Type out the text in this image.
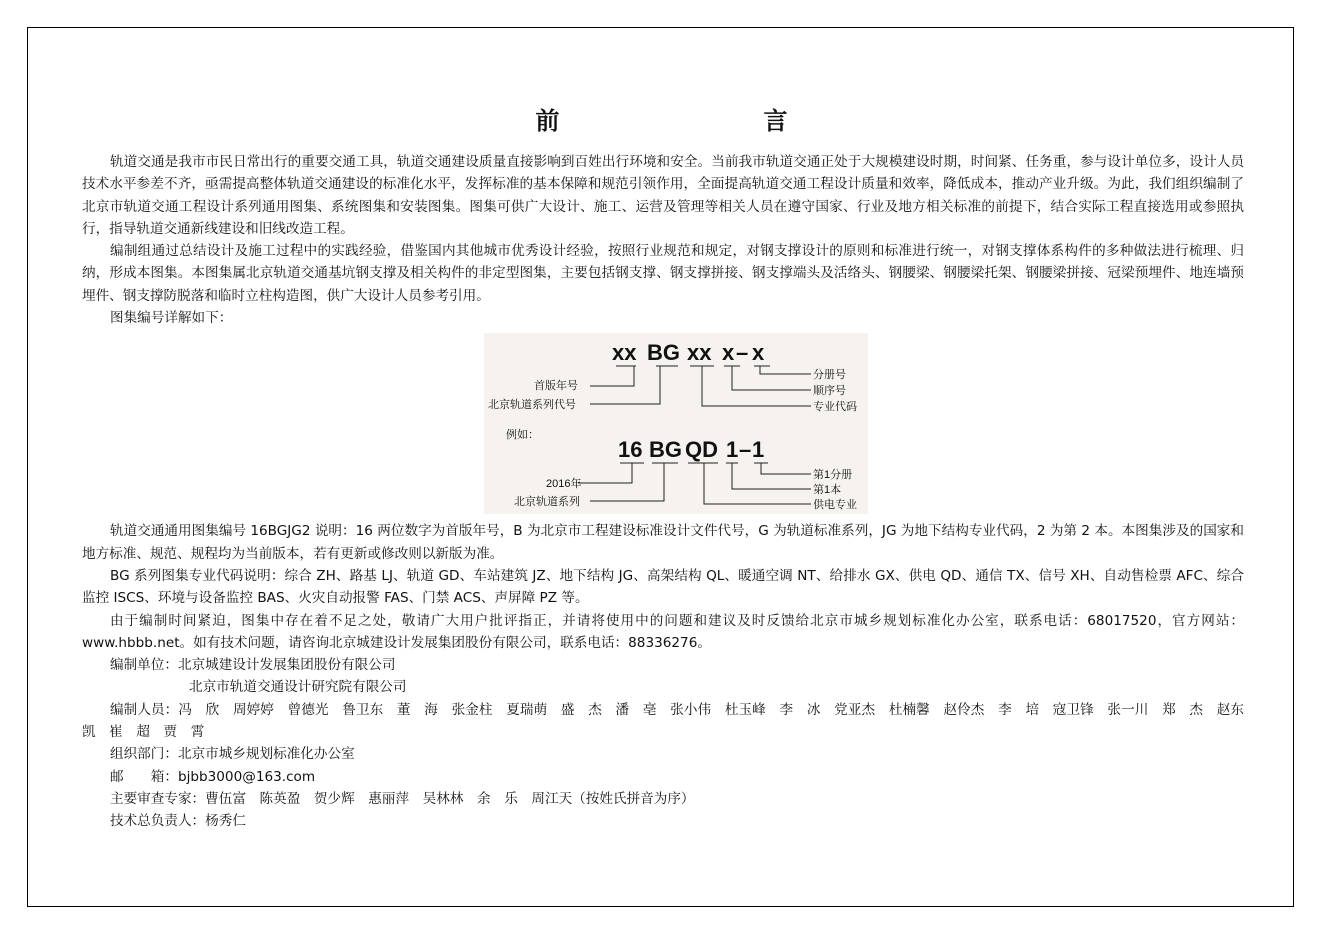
前　　言

轨道交通是我市市民日常出行的重要交通工具，轨道交通建设质量直接影响到百姓出行环境和安全。当前我市轨道交通正处于大规模建设时期，时间紧、任务重，参与设计单位多，设计人员技术水平参差不齐，亟需提高整体轨道交通建设的标准化水平，发挥标准的基本保障和规范引领作用，全面提高轨道交通工程设计质量和效率，降低成本，推动产业升级。为此，我们组织编制了北京市轨道交通工程设计系列通用图集、系统图集和安装图集。图集可供广大设计、施工、运营及管理等相关人员在遵守国家、行业及地方相关标准的前提下，结合实际工程直接选用或参照执行，指导轨道交通新线建设和旧线改造工程。

编制组通过总结设计及施工过程中的实践经验，借鉴国内其他城市优秀设计经验，按照行业规范和规定，对钢支撑设计的原则和标准进行统一，对钢支撑体系构件的多种做法进行梳理、归纳，形成本图集。本图集属北京轨道交通基坑钢支撑及相关构件的非定型图集，主要包括钢支撑、钢支撑拼接、钢支撑端头及活络头、钢腰梁、钢腰梁托架、钢腰梁拼接、冠梁预埋件、地连墙预埋件、钢支撑防脱落和临时立柱构造图，供广大设计人员参考引用。

图集编号详解如下：

xx BG xx x – x
首版年号
北京轨道系列代号
分册号
顺序号
专业代码
例如：
16 BG QD 1 – 1
2016年
北京轨道系列
第1分册
第1本
供电专业

轨道交通通用图集编号 16BGJG2 说明：16 两位数字为首版年号，B 为北京市工程建设标准设计文件代号，G 为轨道标准系列，JG 为地下结构专业代码，2 为第 2 本。本图集涉及的国家和地方标准、规范、规程均为当前版本，若有更新或修改则以新版为准。

BG 系列图集专业代码说明：综合 ZH、路基 LJ、轨道 GD、车站建筑 JZ、地下结构 JG、高架结构 QL、暖通空调 NT、给排水 GX、供电 QD、通信 TX、信号 XH、自动售检票 AFC、综合监控 ISCS、环境与设备监控 BAS、火灾自动报警 FAS、门禁 ACS、声屏障 PZ 等。

由于编制时间紧迫，图集中存在着不足之处，敬请广大用户批评指正，并请将使用中的问题和建议及时反馈给北京市城乡规划标准化办公室，联系电话：68017520，官方网站：www.hbbb.net。如有技术问题，请咨询北京城建设计发展集团股份有限公司，联系电话：88336276。

编制单位：北京城建设计发展集团股份有限公司

北京市轨道交通设计研究院有限公司

编制人员：冯　欣　周婷婷　曾德光　鲁卫东　董　海　张金柱　夏瑞萌　盛　杰　潘　亳　张小伟　杜玉峰　李　冰　党亚杰　杜楠馨　赵伶杰　李　培　寇卫锋　张一川　郑　杰　赵东凯　崔　超　贾　霄

组织部门：北京市城乡规划标准化办公室

邮　　箱：bjbb3000@163.com

主要审查专家：曹伍富　陈英盈　贺少辉　惠丽萍　吴林林　余　乐　周江天（按姓氏拼音为序）

技术总负责人：杨秀仁
